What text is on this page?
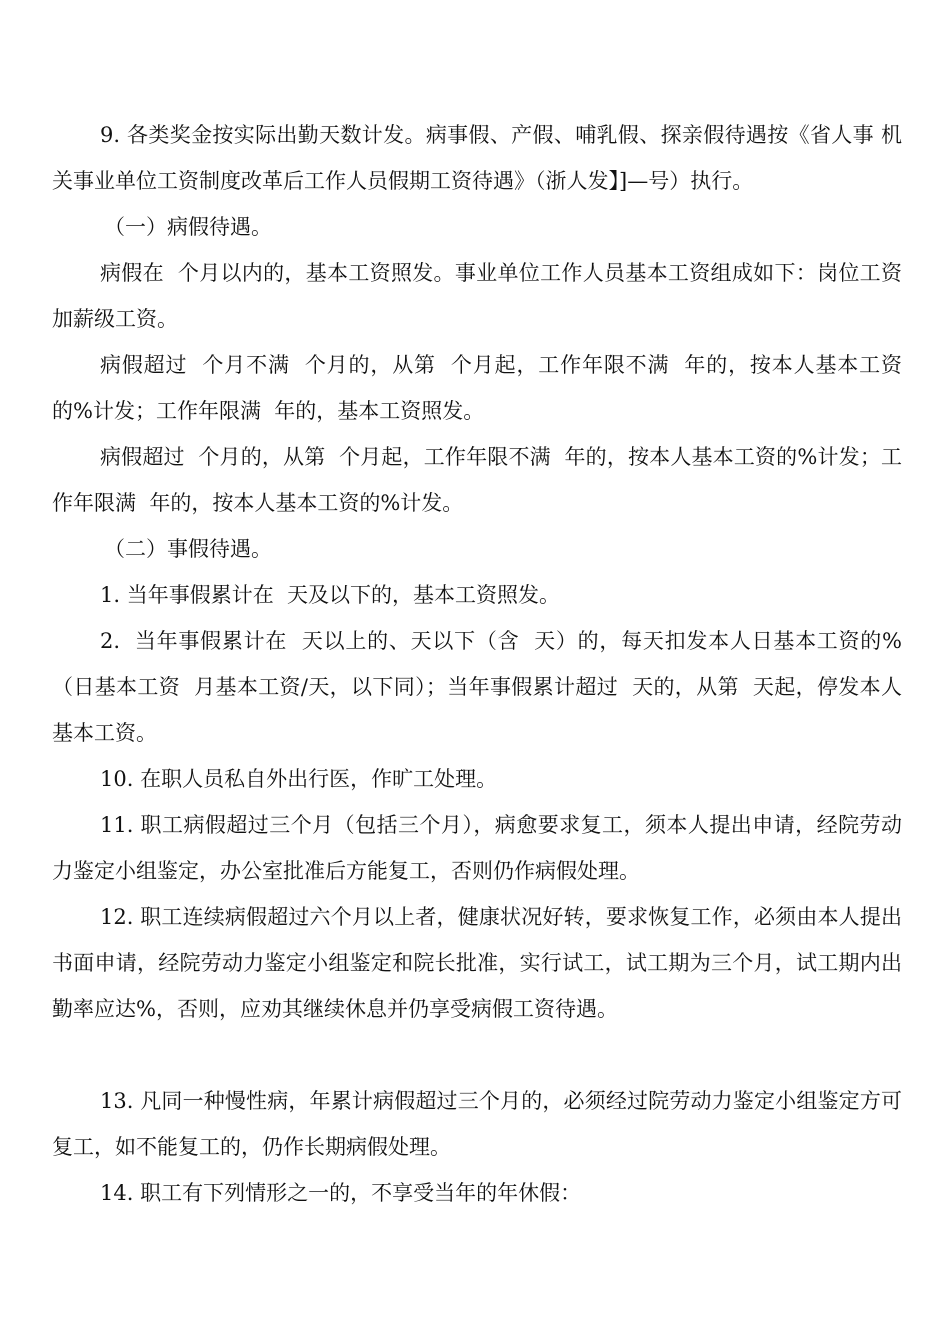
9. 各类奖金按实际出勤天数计发。病事假、产假、哺乳假、探亲假待遇按《省人事 机关事业单位工资制度改革后工作人员假期工资待遇》（浙人发】]—号）执行。

（一）病假待遇。

病假在  个月以内的，基本工资照发。事业单位工作人员基本工资组成如下：岗位工资加薪级工资。

病假超过  个月不满  个月的，从第  个月起，工作年限不满  年的，按本人基本工资的%计发；工作年限满  年的，基本工资照发。

病假超过  个月的，从第  个月起，工作年限不满  年的，按本人基本工资的%计发；工作年限满  年的，按本人基本工资的%计发。

（二）事假待遇。

1. 当年事假累计在  天及以下的，基本工资照发。

2.  当年事假累计在  天以上的、天以下（含  天）的，每天扣发本人日基本工资的%（日基本工资  月基本工资/天，以下同）；当年事假累计超过  天的，从第  天起，停发本人基本工资。

10. 在职人员私自外出行医，作旷工处理。

11. 职工病假超过三个月（包括三个月），病愈要求复工，须本人提出申请，经院劳动力鉴定小组鉴定，办公室批准后方能复工，否则仍作病假处理。

12. 职工连续病假超过六个月以上者，健康状况好转，要求恢复工作，必须由本人提出书面申请，经院劳动力鉴定小组鉴定和院长批准，实行试工，试工期为三个月，试工期内出勤率应达%，否则，应劝其继续休息并仍享受病假工资待遇。

13. 凡同一种慢性病，年累计病假超过三个月的，必须经过院劳动力鉴定小组鉴定方可复工，如不能复工的，仍作长期病假处理。

14. 职工有下列情形之一的，不享受当年的年休假：
